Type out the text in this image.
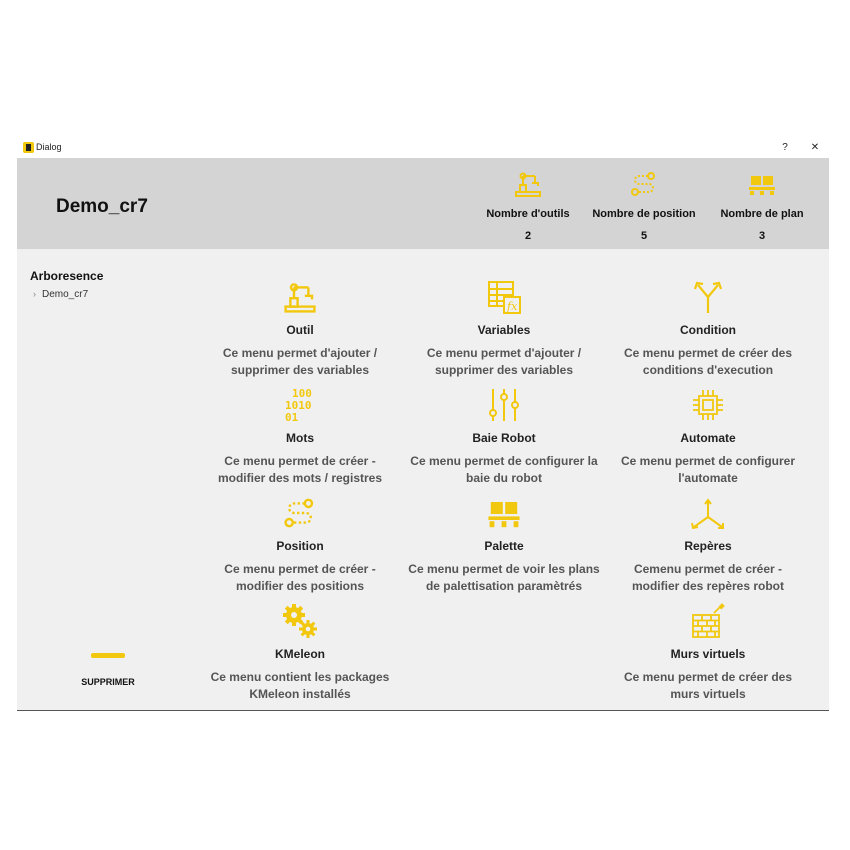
Dialog	?	✕
Demo_cr7	Nombre d'outils
2
Nombre de position
5
Nombre de plan
3
Arboresence
› Demo_cr7
SUPPRIMER
Outil
Ce menu permet d'ajouter /
supprimer des variables
fx
Variables
Ce menu permet d'ajouter /
supprimer des variables
Condition
Ce menu permet de créer des
conditions d'execution
100
1010
01
Mots
Ce menu permet de créer -
modifier des mots / registres
Baie Robot
Ce menu permet de configurer la
baie du robot
Automate
Ce menu permet de configurer
l'automate
Position
Ce menu permet de créer -
modifier des positions
Palette
Ce menu permet de voir les plans
de palettisation paramètrés
Repères
Cemenu permet de créer -
modifier des repères robot
KMeleon
Ce menu contient les packages
KMeleon installés
Murs virtuels
Ce menu permet de créer des
murs virtuels
